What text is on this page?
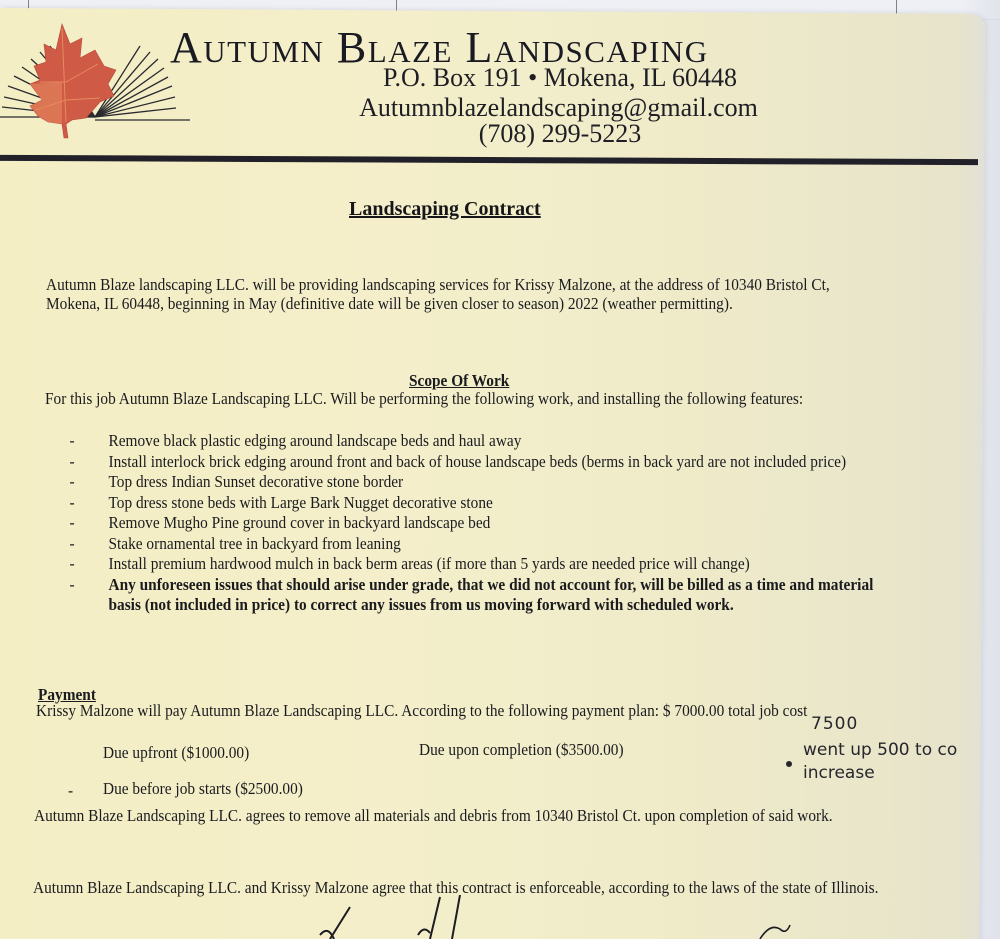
Autumn Blaze Landscaping
P.O. Box 191 • Mokena, IL 60448
Autumnblazelandscaping@gmail.com
(708) 299-5223
Landscaping Contract
Autumn Blaze landscaping LLC. will be providing landscaping services for Krissy Malzone, at the address of 10340 Bristol Ct, Mokena, IL 60448, beginning in May (definitive date will be given closer to season) 2022 (weather permitting).
Scope Of Work
For this job Autumn Blaze Landscaping LLC. Will be performing the following work, and installing the following features:
-	Remove black plastic edging around landscape beds and haul away
-	Install interlock brick edging around front and back of house landscape beds (berms in back yard are not included price)
-	Top dress Indian Sunset decorative stone border
-	Top dress stone beds with Large Bark Nugget decorative stone
-	Remove Mugho Pine ground cover in backyard landscape bed
-	Stake ornamental tree in backyard from leaning
-	Install premium hardwood mulch in back berm areas (if more than 5 yards are needed price will change)
-	Any unforeseen issues that should arise under grade, that we did not account for, will be billed as a time and material basis (not included in price) to correct any issues from us moving forward with scheduled work.
Payment
Krissy Malzone will pay Autumn Blaze Landscaping LLC. According to the following payment plan: $ 7000.00 total job cost
Due upfront ($1000.00)	Due upon completion ($3500.00)
- Due before job starts ($2500.00)
Autumn Blaze Landscaping LLC. agrees to remove all materials and debris from 10340 Bristol Ct. upon completion of said work.
Autumn Blaze Landscaping LLC. and Krissy Malzone agree that this contract is enforceable, according to the laws of the state of Illinois.
7500
went up 500 to co
increase
